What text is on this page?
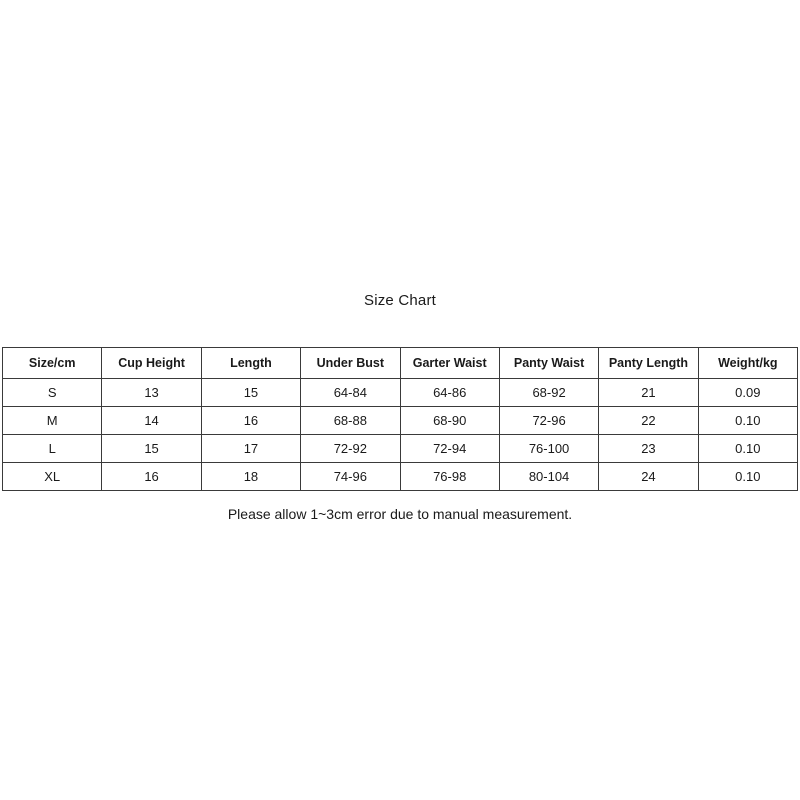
Size Chart
Size/cm	Cup Height	Length	Under Bust	Garter Waist	Panty Waist	Panty Length	Weight/kg
S	13	15	64-84	64-86	68-92	21	0.09
M	14	16	68-88	68-90	72-96	22	0.10
L	15	17	72-92	72-94	76-100	23	0.10
XL	16	18	74-96	76-98	80-104	24	0.10
Please allow 1~3cm error due to manual measurement.
